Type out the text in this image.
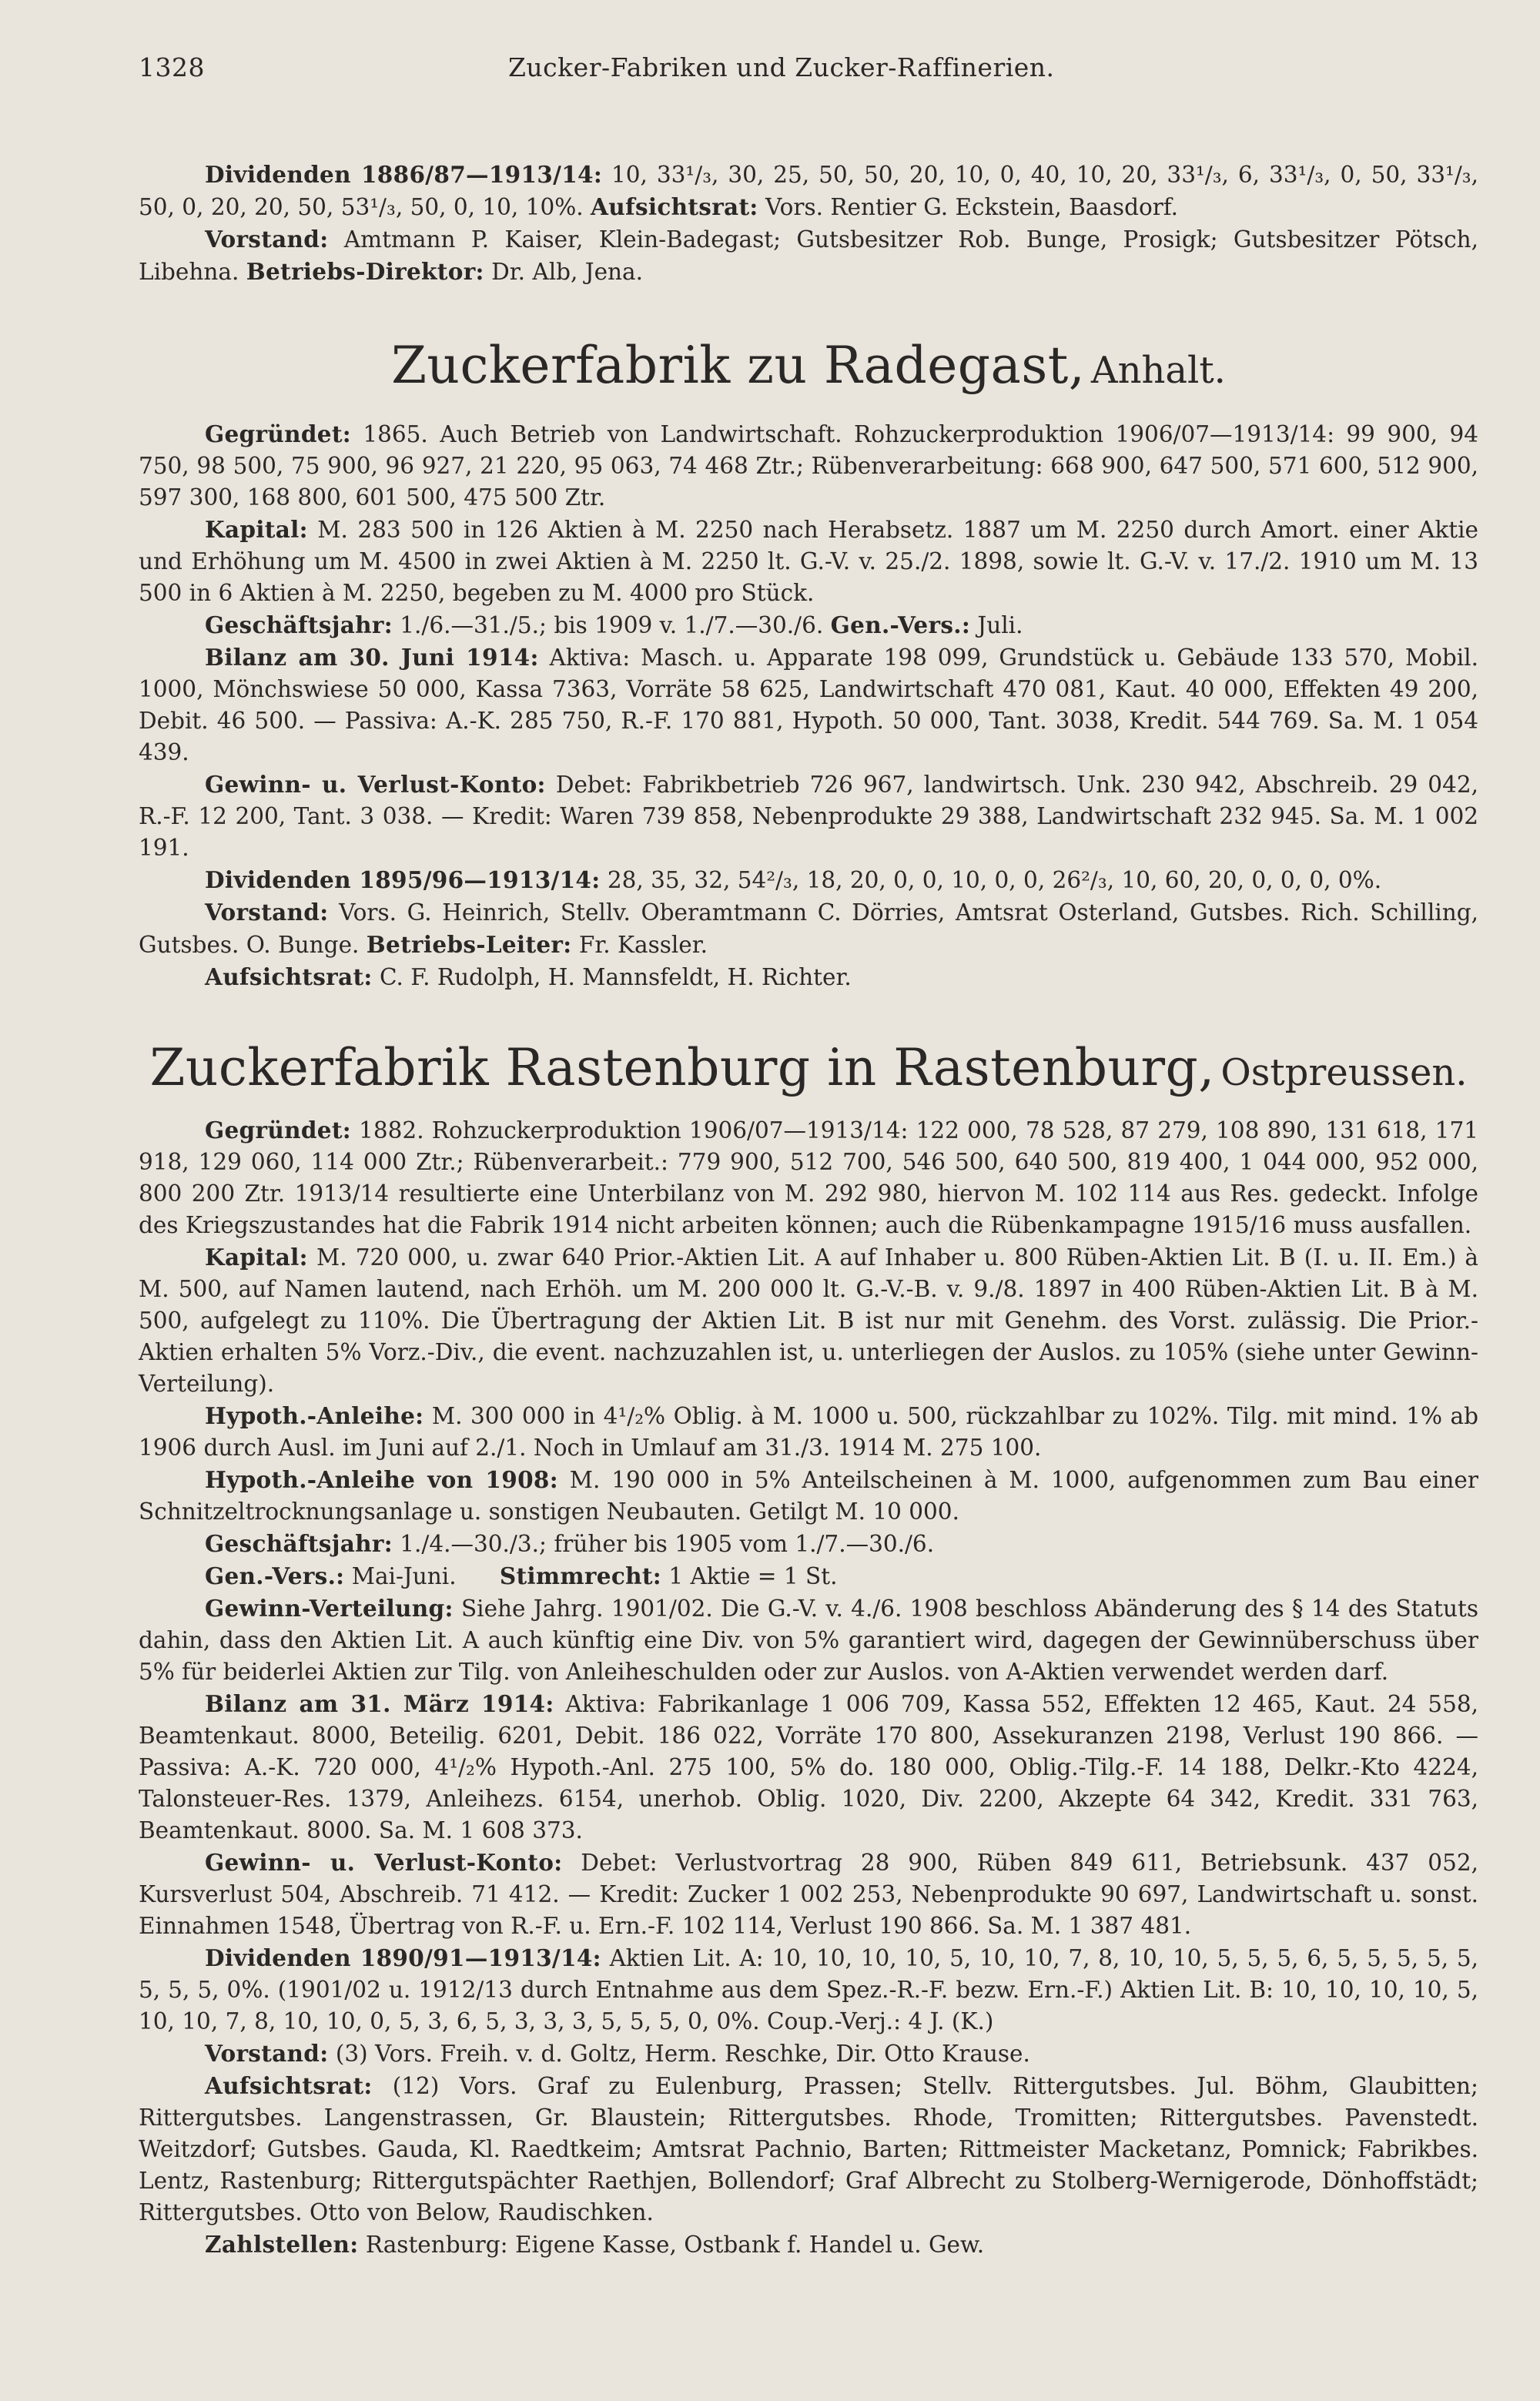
1328	Zucker-Fabriken und Zucker-Raffinerien.

Dividenden 1886/87—1913/14: 10, 33¹/₃, 30, 25, 50, 50, 20, 10, 0, 40, 10, 20, 33¹/₃, 6, 33¹/₃, 0, 50, 33¹/₃, 50, 0, 20, 20, 50, 53¹/₃, 50, 0, 10, 10%. Aufsichtsrat: Vors. Rentier G. Eckstein, Baasdorf.

Vorstand: Amtmann P. Kaiser, Klein-Badegast; Gutsbesitzer Rob. Bunge, Prosigk; Gutsbesitzer Pötsch, Libehna. Betriebs-Direktor: Dr. Alb, Jena.

Zuckerfabrik zu Radegast, Anhalt.

Gegründet: 1865. Auch Betrieb von Landwirtschaft. Rohzuckerproduktion 1906/07—1913/14: 99 900, 94 750, 98 500, 75 900, 96 927, 21 220, 95 063, 74 468 Ztr.; Rübenverarbeitung: 668 900, 647 500, 571 600, 512 900, 597 300, 168 800, 601 500, 475 500 Ztr.

Kapital: M. 283 500 in 126 Aktien à M. 2250 nach Herabsetz. 1887 um M. 2250 durch Amort. einer Aktie und Erhöhung um M. 4500 in zwei Aktien à M. 2250 lt. G.-V. v. 25./2. 1898, sowie lt. G.-V. v. 17./2. 1910 um M. 13 500 in 6 Aktien à M. 2250, begeben zu M. 4000 pro Stück.

Geschäftsjahr: 1./6.—31./5.; bis 1909 v. 1./7.—30./6. Gen.-Vers.: Juli.

Bilanz am 30. Juni 1914: Aktiva: Masch. u. Apparate 198 099, Grundstück u. Gebäude 133 570, Mobil. 1000, Mönchswiese 50 000, Kassa 7363, Vorräte 58 625, Landwirtschaft 470 081, Kaut. 40 000, Effekten 49 200, Debit. 46 500. — Passiva: A.-K. 285 750, R.-F. 170 881, Hypoth. 50 000, Tant. 3038, Kredit. 544 769. Sa. M. 1 054 439.

Gewinn- u. Verlust-Konto: Debet: Fabrikbetrieb 726 967, landwirtsch. Unk. 230 942, Abschreib. 29 042, R.-F. 12 200, Tant. 3 038. — Kredit: Waren 739 858, Nebenprodukte 29 388, Landwirtschaft 232 945. Sa. M. 1 002 191.

Dividenden 1895/96—1913/14: 28, 35, 32, 54²/₃, 18, 20, 0, 0, 10, 0, 0, 26²/₃, 10, 60, 20, 0, 0, 0, 0%.

Vorstand: Vors. G. Heinrich, Stellv. Oberamtmann C. Dörries, Amtsrat Osterland, Gutsbes. Rich. Schilling, Gutsbes. O. Bunge. Betriebs-Leiter: Fr. Kassler.

Aufsichtsrat: C. F. Rudolph, H. Mannsfeldt, H. Richter.

Zuckerfabrik Rastenburg in Rastenburg, Ostpreussen.

Gegründet: 1882. Rohzuckerproduktion 1906/07—1913/14: 122 000, 78 528, 87 279, 108 890, 131 618, 171 918, 129 060, 114 000 Ztr.; Rübenverarbeit.: 779 900, 512 700, 546 500, 640 500, 819 400, 1 044 000, 952 000, 800 200 Ztr. 1913/14 resultierte eine Unterbilanz von M. 292 980, hiervon M. 102 114 aus Res. gedeckt. Infolge des Kriegszustandes hat die Fabrik 1914 nicht arbeiten können; auch die Rübenkampagne 1915/16 muss ausfallen.

Kapital: M. 720 000, u. zwar 640 Prior.-Aktien Lit. A auf Inhaber u. 800 Rüben-Aktien Lit. B (I. u. II. Em.) à M. 500, auf Namen lautend, nach Erhöh. um M. 200 000 lt. G.-V.-B. v. 9./8. 1897 in 400 Rüben-Aktien Lit. B à M. 500, aufgelegt zu 110%. Die Übertragung der Aktien Lit. B ist nur mit Genehm. des Vorst. zulässig. Die Prior.-Aktien erhalten 5% Vorz.-Div., die event. nachzuzahlen ist, u. unterliegen der Auslos. zu 105% (siehe unter Gewinn-Verteilung).

Hypoth.-Anleihe: M. 300 000 in 4¹/₂% Oblig. à M. 1000 u. 500, rückzahlbar zu 102%. Tilg. mit mind. 1% ab 1906 durch Ausl. im Juni auf 2./1. Noch in Umlauf am 31./3. 1914 M. 275 100.

Hypoth.-Anleihe von 1908: M. 190 000 in 5% Anteilscheinen à M. 1000, aufgenommen zum Bau einer Schnitzeltrocknungsanlage u. sonstigen Neubauten. Getilgt M. 10 000.

Geschäftsjahr: 1./4.—30./3.; früher bis 1905 vom 1./7.—30./6.

Gen.-Vers.: Mai-Juni. Stimmrecht: 1 Aktie = 1 St.

Gewinn-Verteilung: Siehe Jahrg. 1901/02. Die G.-V. v. 4./6. 1908 beschloss Abänderung des § 14 des Statuts dahin, dass den Aktien Lit. A auch künftig eine Div. von 5% garantiert wird, dagegen der Gewinnüberschuss über 5% für beiderlei Aktien zur Tilg. von Anleiheschulden oder zur Auslos. von A-Aktien verwendet werden darf.

Bilanz am 31. März 1914: Aktiva: Fabrikanlage 1 006 709, Kassa 552, Effekten 12 465, Kaut. 24 558, Beamtenkaut. 8000, Beteilig. 6201, Debit. 186 022, Vorräte 170 800, Assekuranzen 2198, Verlust 190 866. — Passiva: A.-K. 720 000, 4¹/₂% Hypoth.-Anl. 275 100, 5% do. 180 000, Oblig.-Tilg.-F. 14 188, Delkr.-Kto 4224, Talonsteuer-Res. 1379, Anleihezs. 6154, unerhob. Oblig. 1020, Div. 2200, Akzepte 64 342, Kredit. 331 763, Beamtenkaut. 8000. Sa. M. 1 608 373.

Gewinn- u. Verlust-Konto: Debet: Verlustvortrag 28 900, Rüben 849 611, Betriebsunk. 437 052, Kursverlust 504, Abschreib. 71 412. — Kredit: Zucker 1 002 253, Nebenprodukte 90 697, Landwirtschaft u. sonst. Einnahmen 1548, Übertrag von R.-F. u. Ern.-F. 102 114, Verlust 190 866. Sa. M. 1 387 481.

Dividenden 1890/91—1913/14: Aktien Lit. A: 10, 10, 10, 10, 5, 10, 10, 7, 8, 10, 10, 5, 5, 5, 6, 5, 5, 5, 5, 5, 5, 5, 5, 0%. (1901/02 u. 1912/13 durch Entnahme aus dem Spez.-R.-F. bezw. Ern.-F.) Aktien Lit. B: 10, 10, 10, 10, 5, 10, 10, 7, 8, 10, 10, 0, 5, 3, 6, 5, 3, 3, 3, 5, 5, 5, 0, 0%. Coup.-Verj.: 4 J. (K.)

Vorstand: (3) Vors. Freih. v. d. Goltz, Herm. Reschke, Dir. Otto Krause.

Aufsichtsrat: (12) Vors. Graf zu Eulenburg, Prassen; Stellv. Rittergutsbes. Jul. Böhm, Glaubitten; Rittergutsbes. Langenstrassen, Gr. Blaustein; Rittergutsbes. Rhode, Tromitten; Rittergutsbes. Pavenstedt. Weitzdorf; Gutsbes. Gauda, Kl. Raedtkeim; Amtsrat Pachnio, Barten; Rittmeister Macketanz, Pomnick; Fabrikbes. Lentz, Rastenburg; Rittergutspächter Raethjen, Bollendorf; Graf Albrecht zu Stolberg-Wernigerode, Dönhoffstädt; Rittergutsbes. Otto von Below, Raudischken.

Zahlstellen: Rastenburg: Eigene Kasse, Ostbank f. Handel u. Gew.
